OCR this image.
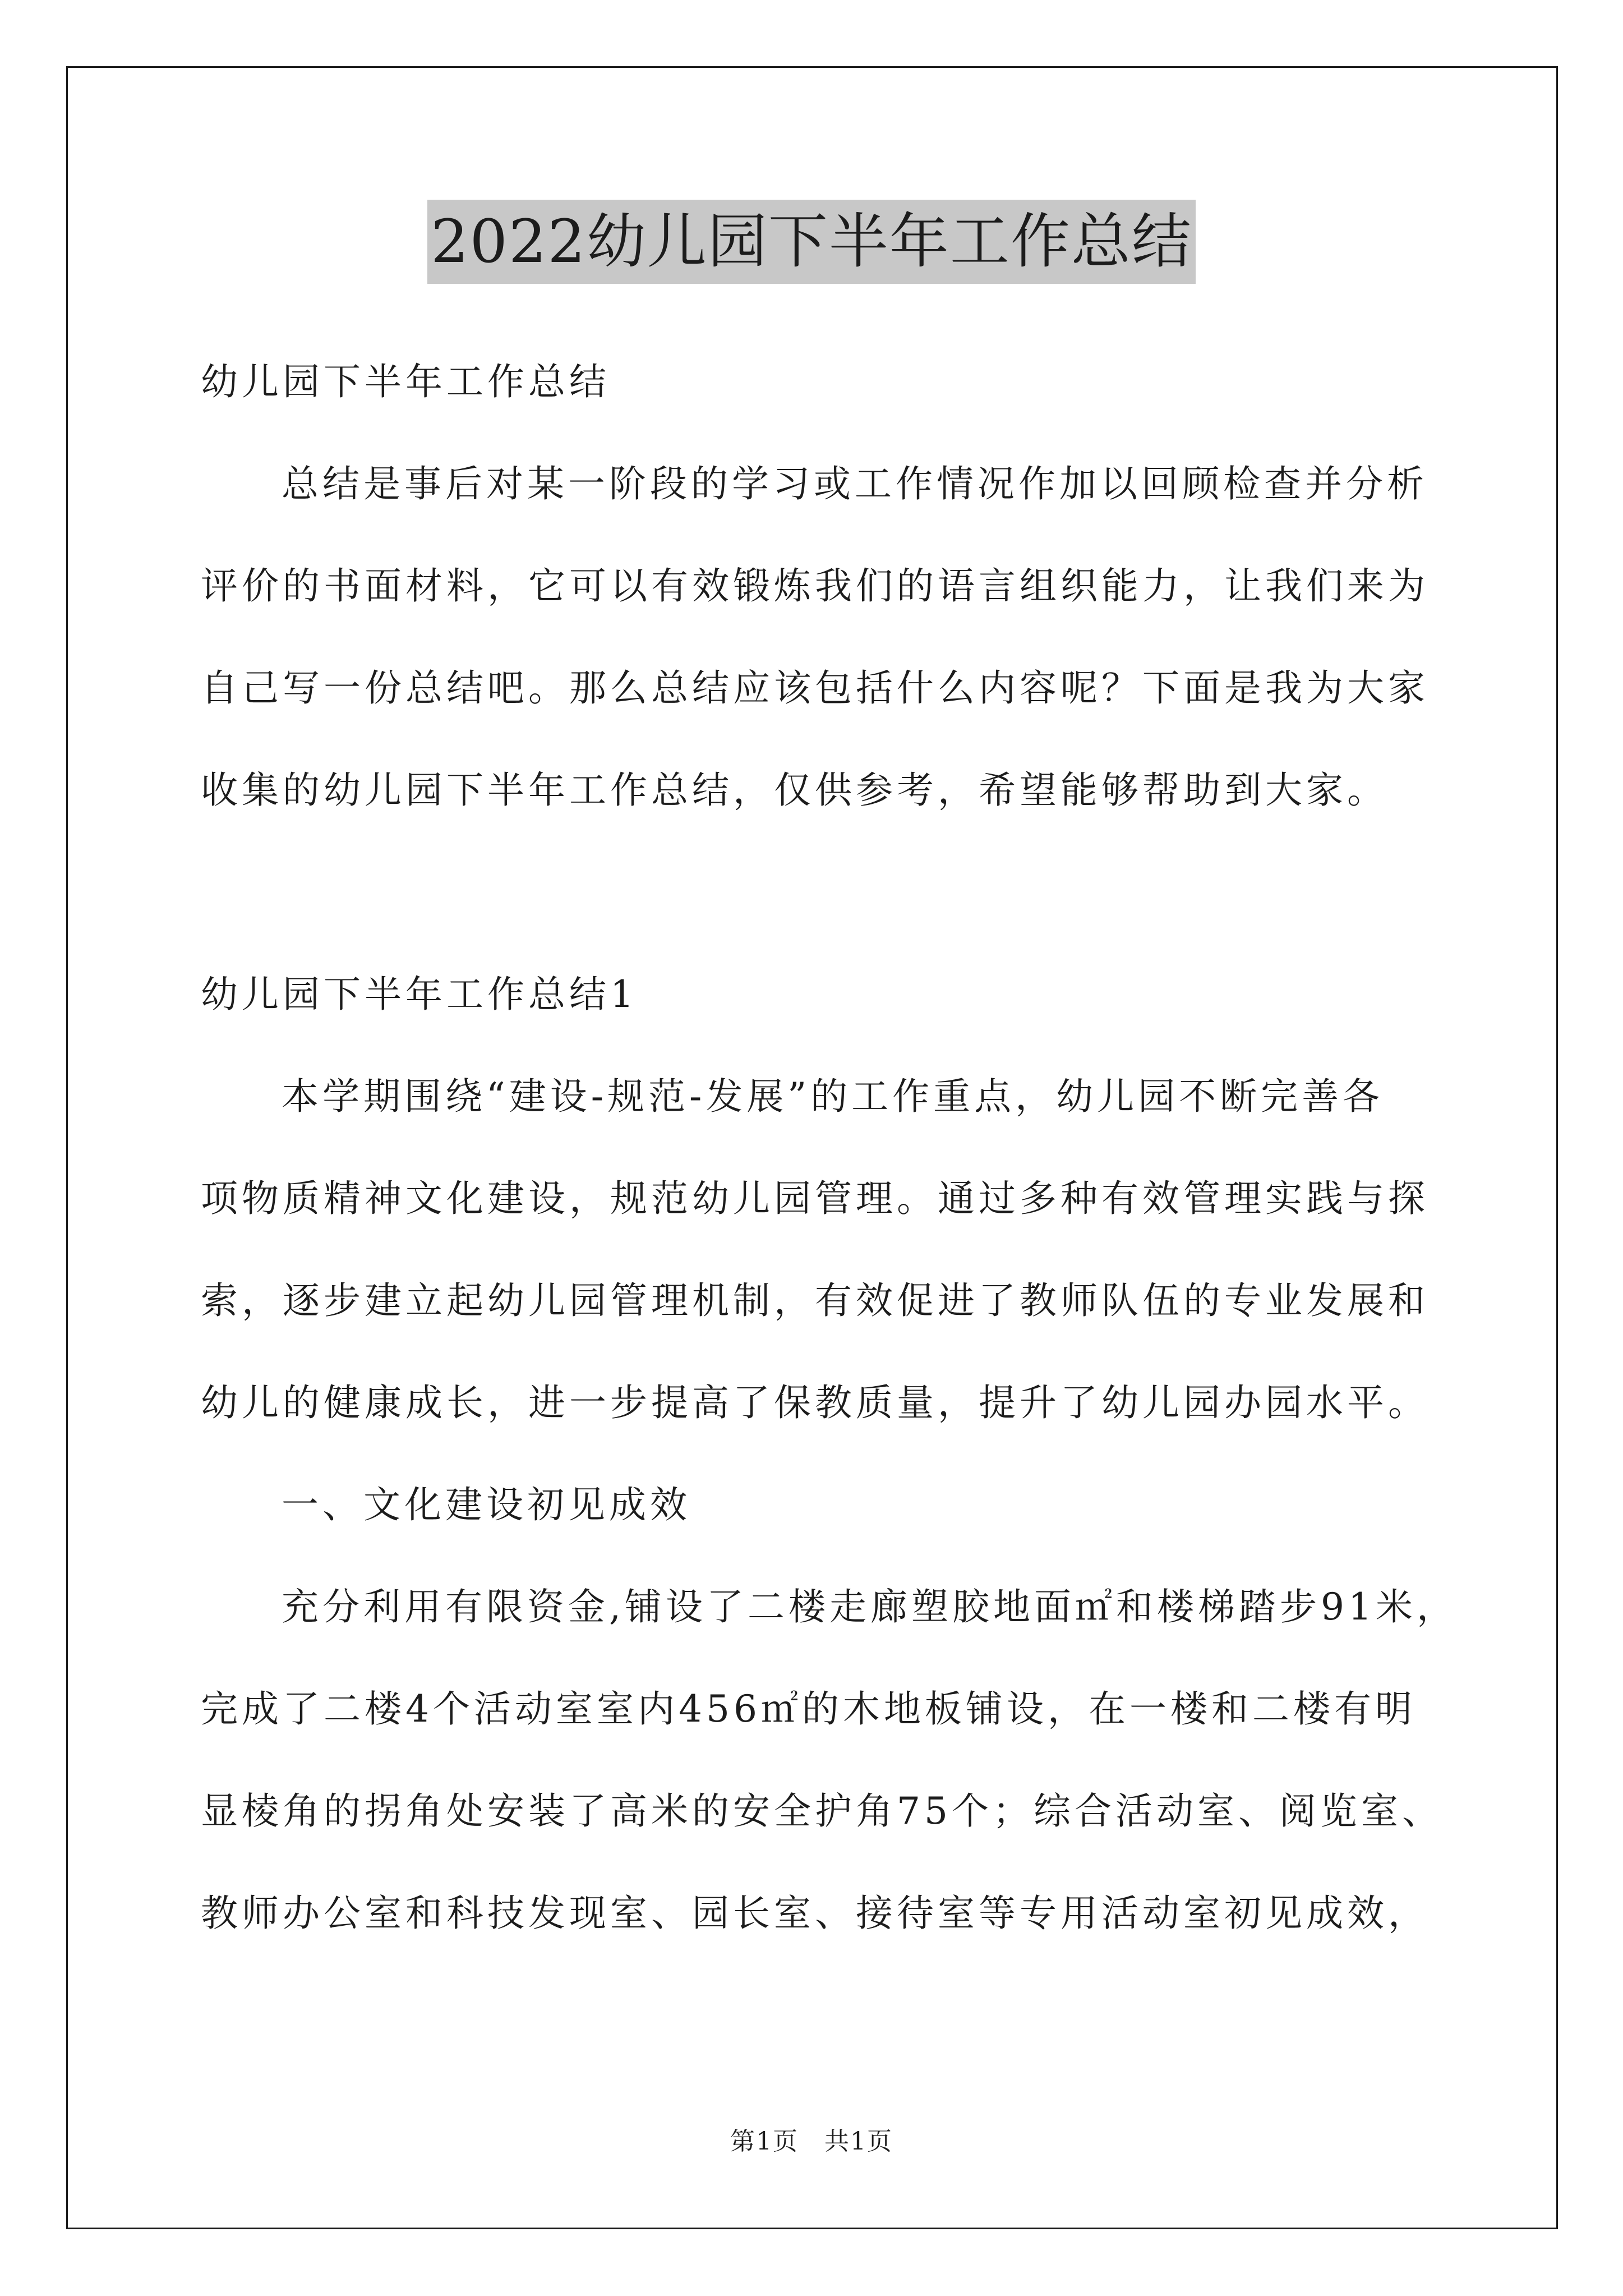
2022幼儿园下半年工作总结
幼儿园下半年工作总结
总结是事后对某一阶段的学习或工作情况作加以回顾检查并分析
评价的书面材料，它可以有效锻炼我们的语言组织能力，让我们来为
自己写一份总结吧。那么总结应该包括什么内容呢？下面是我为大家
收集的幼儿园下半年工作总结，仅供参考，希望能够帮助到大家。
幼儿园下半年工作总结1
本学期围绕“建设-规范-发展”的工作重点，幼儿园不断完善各
项物质精神文化建设，规范幼儿园管理。通过多种有效管理实践与探
索，逐步建立起幼儿园管理机制，有效促进了教师队伍的专业发展和
幼儿的健康成长，进一步提高了保教质量，提升了幼儿园办园水平。
一、文化建设初见成效
充分利用有限资金,铺设了二楼走廊塑胶地面㎡和楼梯踏步91米，
完成了二楼4个活动室室内456㎡的木地板铺设，在一楼和二楼有明
显棱角的拐角处安装了高米的安全护角75个；综合活动室、阅览室、
教师办公室和科技发现室、园长室、接待室等专用活动室初见成效，
第1页　共1页
